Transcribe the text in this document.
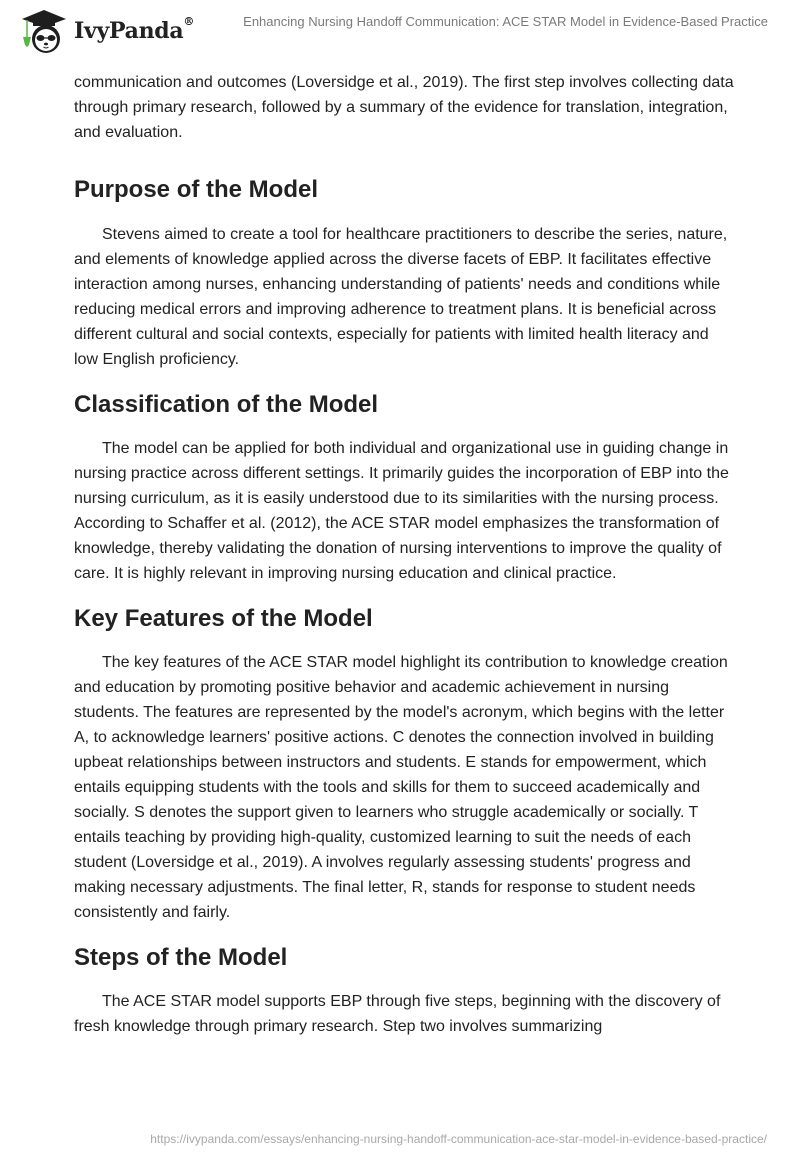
IvyPanda®	Enhancing Nursing Handoff Communication: ACE STAR Model in Evidence-Based Practice

communication and outcomes (Loversidge et al., 2019). The first step involves collecting data through primary research, followed by a summary of the evidence for translation, integration, and evaluation.

Purpose of the Model

Stevens aimed to create a tool for healthcare practitioners to describe the series, nature, and elements of knowledge applied across the diverse facets of EBP. It facilitates effective interaction among nurses, enhancing understanding of patients' needs and conditions while reducing medical errors and improving adherence to treatment plans. It is beneficial across different cultural and social contexts, especially for patients with limited health literacy and low English proficiency.

Classification of the Model

The model can be applied for both individual and organizational use in guiding change in nursing practice across different settings. It primarily guides the incorporation of EBP into the nursing curriculum, as it is easily understood due to its similarities with the nursing process. According to Schaffer et al. (2012), the ACE STAR model emphasizes the transformation of knowledge, thereby validating the donation of nursing interventions to improve the quality of care. It is highly relevant in improving nursing education and clinical practice.

Key Features of the Model

The key features of the ACE STAR model highlight its contribution to knowledge creation and education by promoting positive behavior and academic achievement in nursing students. The features are represented by the model's acronym, which begins with the letter A, to acknowledge learners' positive actions. C denotes the connection involved in building upbeat relationships between instructors and students. E stands for empowerment, which entails equipping students with the tools and skills for them to succeed academically and socially. S denotes the support given to learners who struggle academically or socially. T entails teaching by providing high-quality, customized learning to suit the needs of each student (Loversidge et al., 2019). A involves regularly assessing students' progress and making necessary adjustments. The final letter, R, stands for response to student needs consistently and fairly.

Steps of the Model

The ACE STAR model supports EBP through five steps, beginning with the discovery of fresh knowledge through primary research. Step two involves summarizing

https://ivypanda.com/essays/enhancing-nursing-handoff-communication-ace-star-model-in-evidence-based-practice/
